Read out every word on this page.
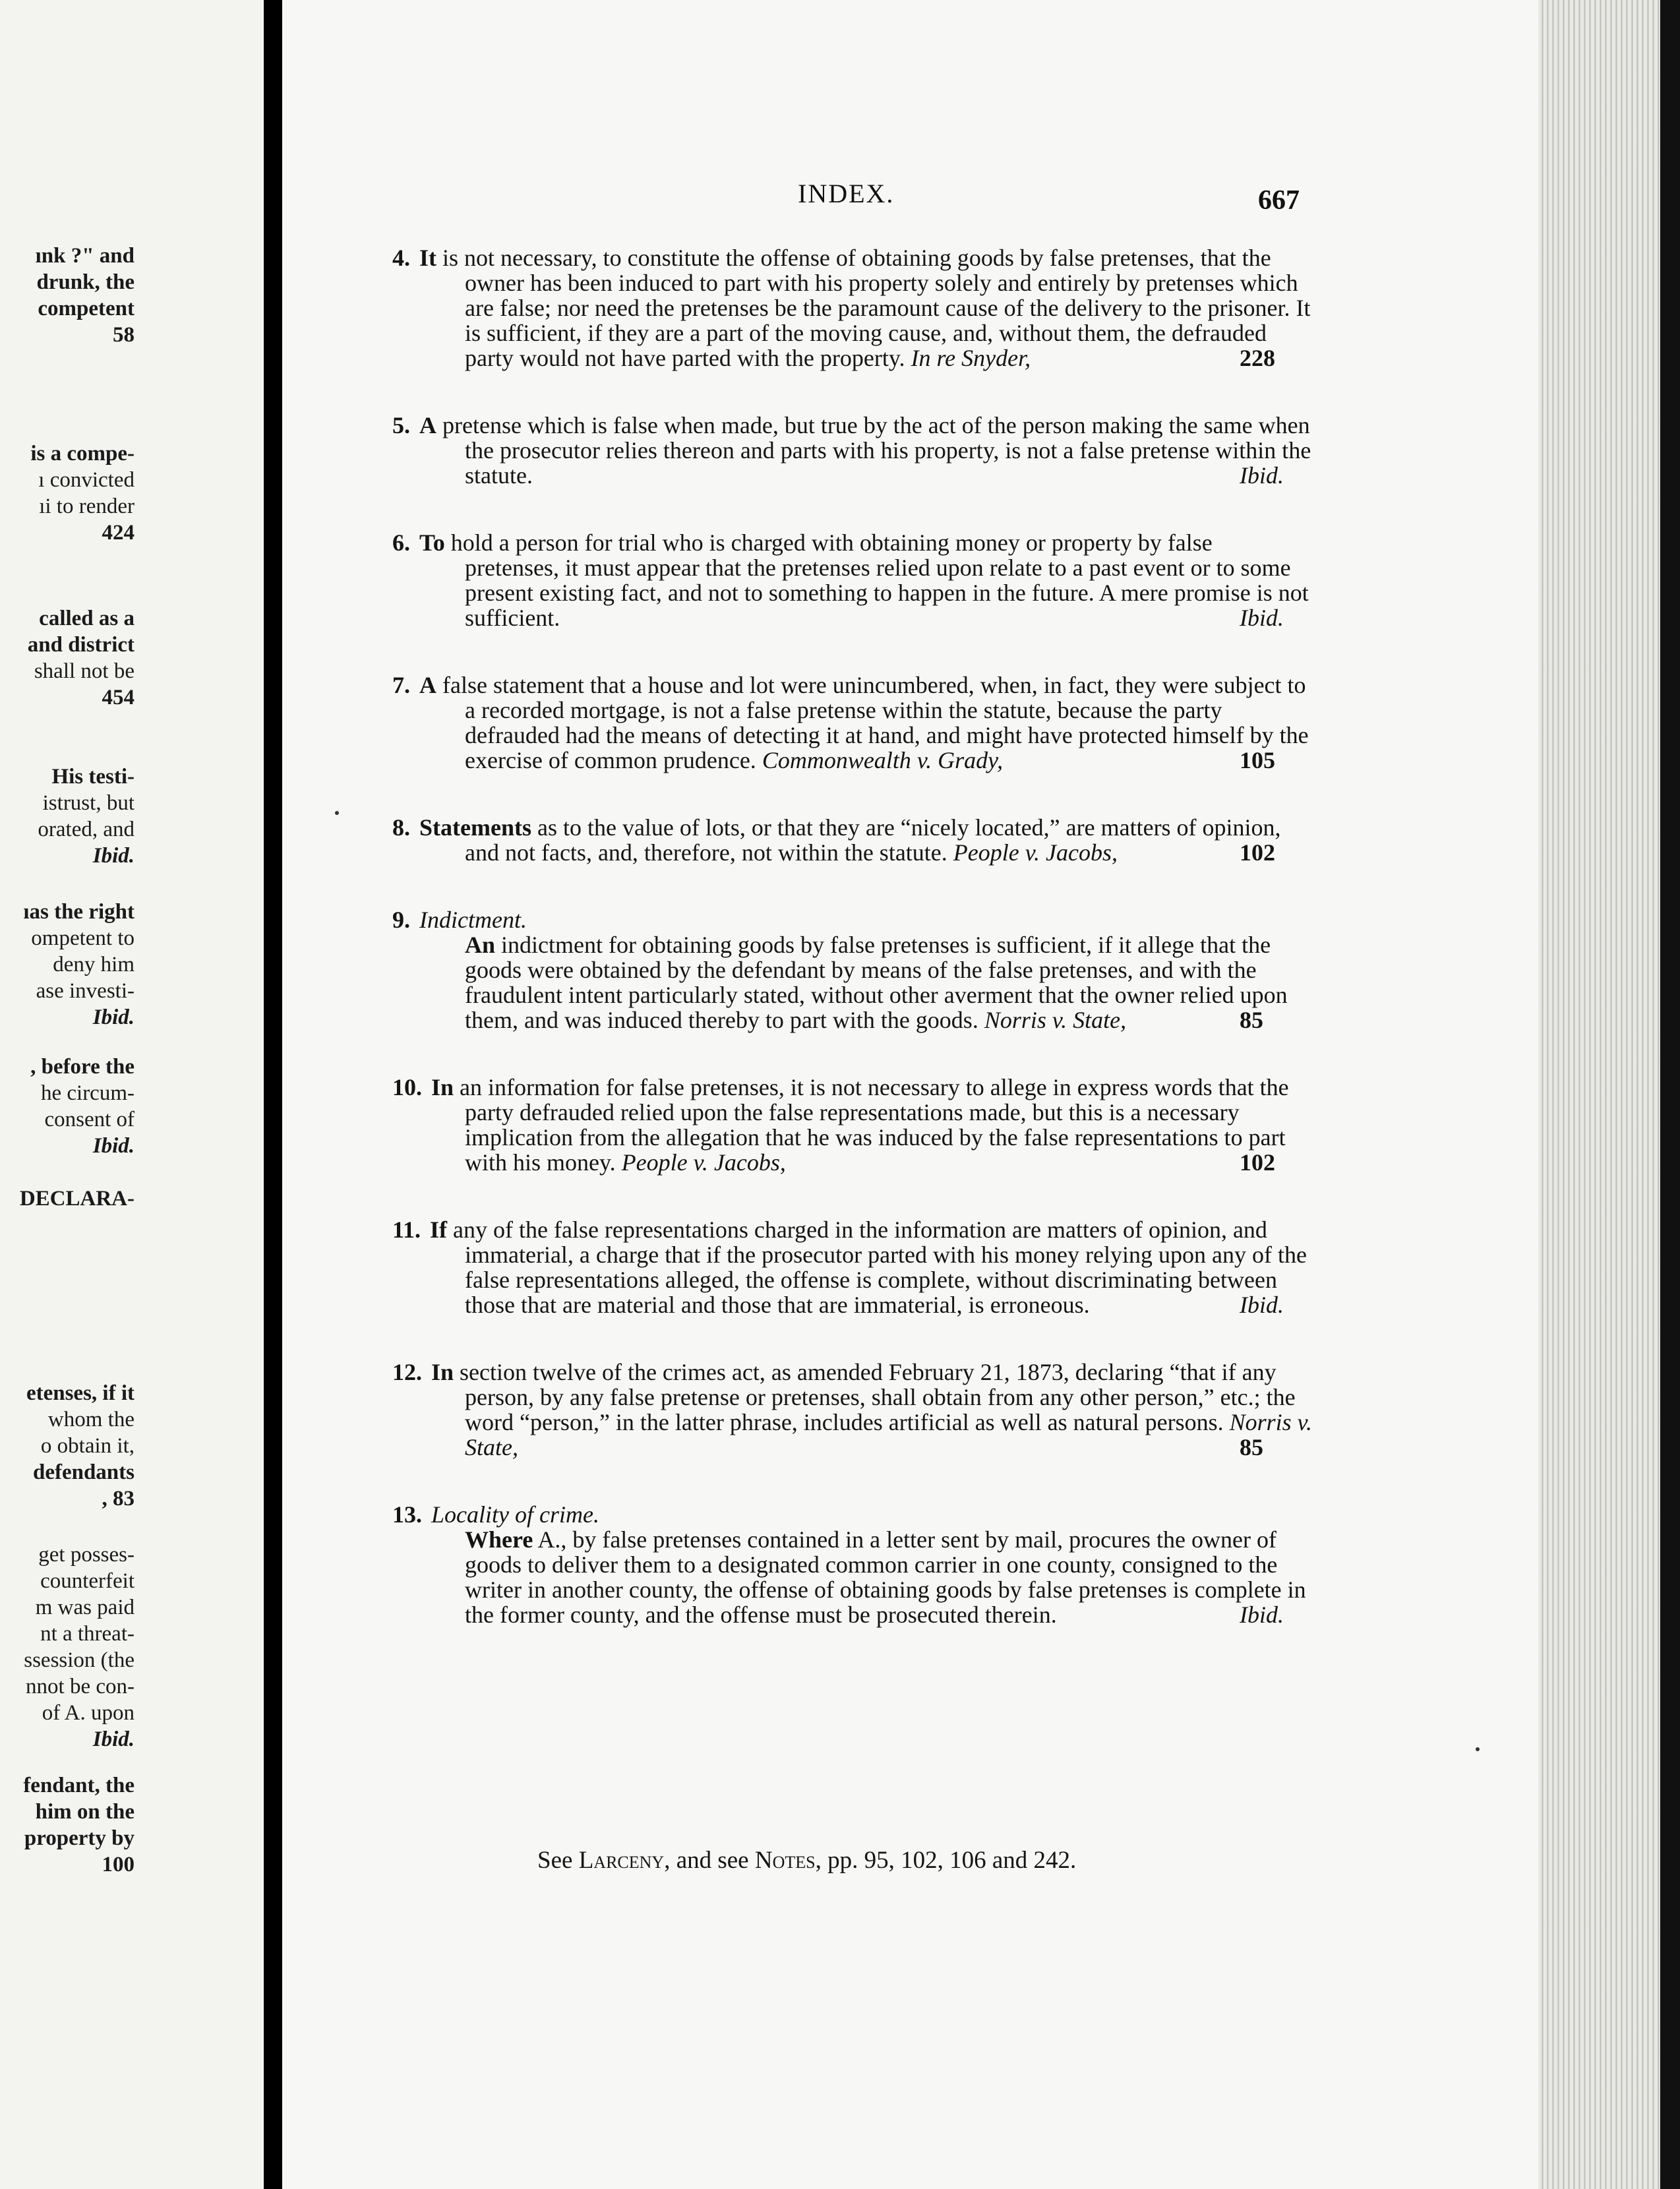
ınk ?" and
drunk, the
competent
58
is a compe-
ı convicted
ıi to render
424
called as a
and district
shall not be
454
His testi-
istrust, but
orated, and
Ibid.
ıas the right
ompetent to
deny him
ase investi-
Ibid.
, before the
he circum-
consent of
Ibid.
DECLARA-
etenses, if it
whom the
o obtain it,
defendants
, 83
get posses-
counterfeit
m was paid
nt a threat-
ssession (the
nnot be con-
of A. upon
Ibid.
fendant, the
him on the
property by
100
INDEX.	667
4. It is not necessary, to constitute the offense of obtaining goods by false pretenses, that the owner has been induced to part with his property solely and entirely by pretenses which are false; nor need the pretenses be the paramount cause of the delivery to the prisoner. It is sufficient, if they are a part of the moving cause, and, without them, the defrauded party would not have parted with the property. In re Snyder,	228
5. A pretense which is false when made, but true by the act of the person making the same when the prosecutor relies thereon and parts with his property, is not a false pretense within the statute.	Ibid.
6. To hold a person for trial who is charged with obtaining money or property by false pretenses, it must appear that the pretenses relied upon relate to a past event or to some present existing fact, and not to something to happen in the future. A mere promise is not sufficient.	Ibid.
7. A false statement that a house and lot were unincumbered, when, in fact, they were subject to a recorded mortgage, is not a false pretense within the statute, because the party defrauded had the means of detecting it at hand, and might have protected himself by the exercise of common prudence. Commonwealth v. Grady,	105
8. Statements as to the value of lots, or that they are “nicely located,” are matters of opinion, and not facts, and, therefore, not within the statute. People v. Jacobs,	102
9. Indictment.
An indictment for obtaining goods by false pretenses is sufficient, if it allege that the goods were obtained by the defendant by means of the false pretenses, and with the fraudulent intent particularly stated, without other averment that the owner relied upon them, and was induced thereby to part with the goods. Norris v. State,	85
10. In an information for false pretenses, it is not necessary to allege in express words that the party defrauded relied upon the false representations made, but this is a necessary implication from the allegation that he was induced by the false representations to part with his money. People v. Jacobs,	102
11. If any of the false representations charged in the information are matters of opinion, and immaterial, a charge that if the prosecutor parted with his money relying upon any of the false representations alleged, the offense is complete, without discriminating between those that are material and those that are immaterial, is erroneous.	Ibid.
12. In section twelve of the crimes act, as amended February 21, 1873, declaring “that if any person, by any false pretense or pretenses, shall obtain from any other person,” etc.; the word “person,” in the latter phrase, includes artificial as well as natural persons. Norris v. State,	85
13. Locality of crime.
Where A., by false pretenses contained in a letter sent by mail, procures the owner of goods to deliver them to a designated common carrier in one county, consigned to the writer in another county, the offense of obtaining goods by false pretenses is complete in the former county, and the offense must be prosecuted therein.	Ibid.
See Larceny, and see Notes, pp. 95, 102, 106 and 242.
